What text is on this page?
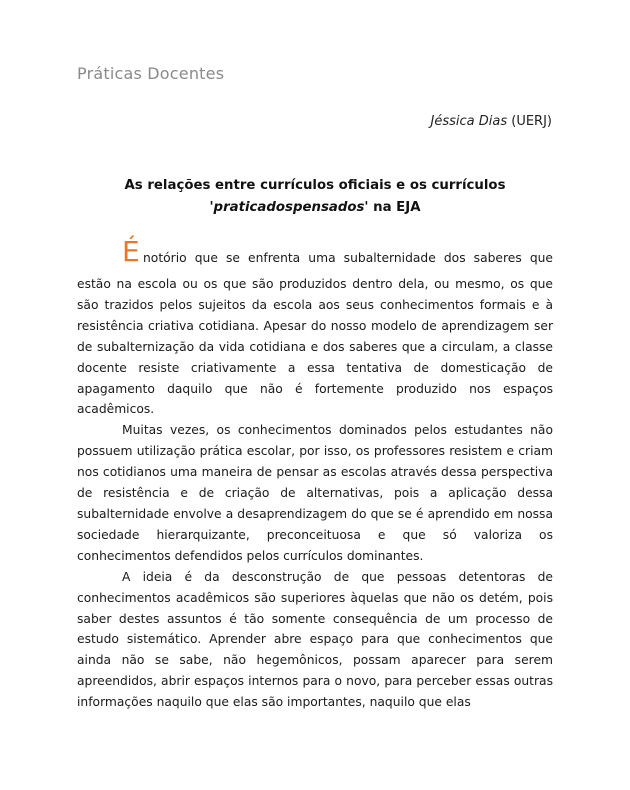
Práticas Docentes
Jéssica Dias (UERJ)
As relações entre currículos oficiais e os currículos
'praticadospensados' na EJA
É notório que se enfrenta uma subalternidade dos saberes que

estão na escola ou os que são produzidos dentro dela, ou mesmo, os que são trazidos pelos sujeitos da escola aos seus conhecimentos formais e à resistência criativa cotidiana. Apesar do nosso modelo de aprendizagem ser de subalternização da vida cotidiana e dos saberes que a circulam, a classe docente resiste criativamente a essa tentativa de domesticação de apagamento daquilo que não é fortemente produzido nos espaços acadêmicos.

Muitas vezes, os conhecimentos dominados pelos estudantes não possuem utilização prática escolar, por isso, os professores resistem e criam nos cotidianos uma maneira de pensar as escolas através dessa perspectiva de resistência e de criação de alternativas, pois a aplicação dessa subalternidade envolve a desaprendizagem do que se é aprendido em nossa sociedade hierarquizante, preconceituosa e que só valoriza os conhecimentos defendidos pelos currículos dominantes.

A ideia é da desconstrução de que pessoas detentoras de conhecimentos acadêmicos são superiores àquelas que não os detém, pois saber destes assuntos é tão somente consequência de um processo de estudo sistemático. Aprender abre espaço para que conhecimentos que ainda não se sabe, não hegemônicos, possam aparecer para serem apreendidos, abrir espaços internos para o novo, para perceber essas outras informações naquilo que elas são importantes, naquilo que elas
